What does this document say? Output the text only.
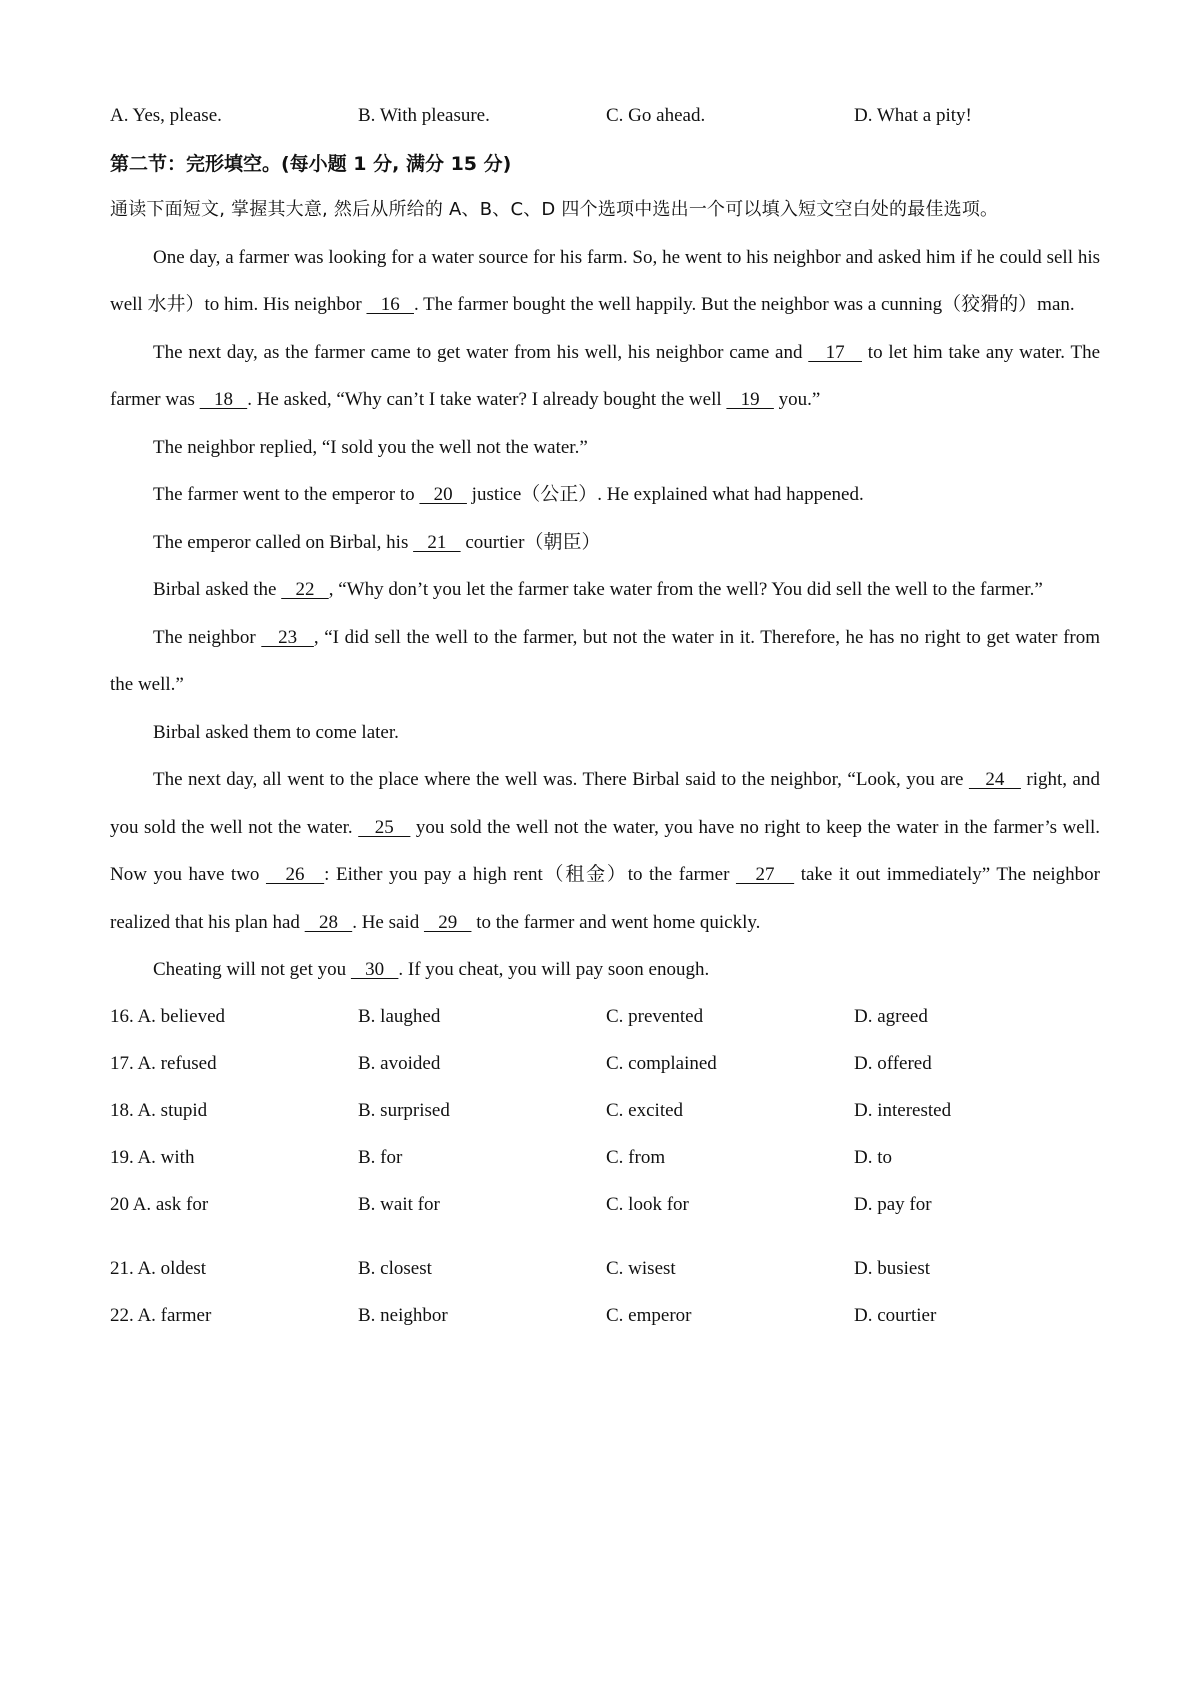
A. Yes, please.	B. With pleasure.	C. Go ahead.	D. What a pity!
第二节：完形填空。(每小题 1 分, 满分 15 分)
通读下面短文, 掌握其大意, 然后从所给的 A、B、C、D 四个选项中选出一个可以填入短文空白处的最佳选项。

One day, a farmer was looking for a water source for his farm. So, he went to his neighbor and asked him if he could sell his well 水井）to him. His neighbor    16   . The farmer bought the well happily. But the neighbor was a cunning（狡猾的）man.

The next day, as the farmer came to get water from his well, his neighbor came and    17    to let him take any water. The farmer was    18   . He asked, “Why can’t I take water? I already bought the well    19    you.”

The neighbor replied, “I sold you the well not the water.”

The farmer went to the emperor to    20    justice（公正）. He explained what had happened.

The emperor called on Birbal, his    21    courtier（朝臣）

Birbal asked the    22   , “Why don’t you let the farmer take water from the well? You did sell the well to the farmer.”

The neighbor    23   , “I did sell the well to the farmer, but not the water in it. Therefore, he has no right to get water from the well.”

Birbal asked them to come later.

The next day, all went to the place where the well was. There Birbal said to the neighbor, “Look, you are    24    right, and you sold the well not the water.    25    you sold the well not the water, you have no right to keep the water in the farmer’s well. Now you have two    26   : Either you pay a high rent（租金）to the farmer    27    take it out immediately” The neighbor realized that his plan had    28   . He said    29    to the farmer and went home quickly.

Cheating will not get you    30   . If you cheat, you will pay soon enough.

16. A. believed	B. laughed	C. prevented	D. agreed
17. A. refused	B. avoided	C. complained	D. offered
18. A. stupid	B. surprised	C. excited	D. interested
19. A. with	B. for	C. from	D. to
20 A. ask for	B. wait for	C. look for	D. pay for
21. A. oldest	B. closest	C. wisest	D. busiest
22. A. farmer	B. neighbor	C. emperor	D. courtier
